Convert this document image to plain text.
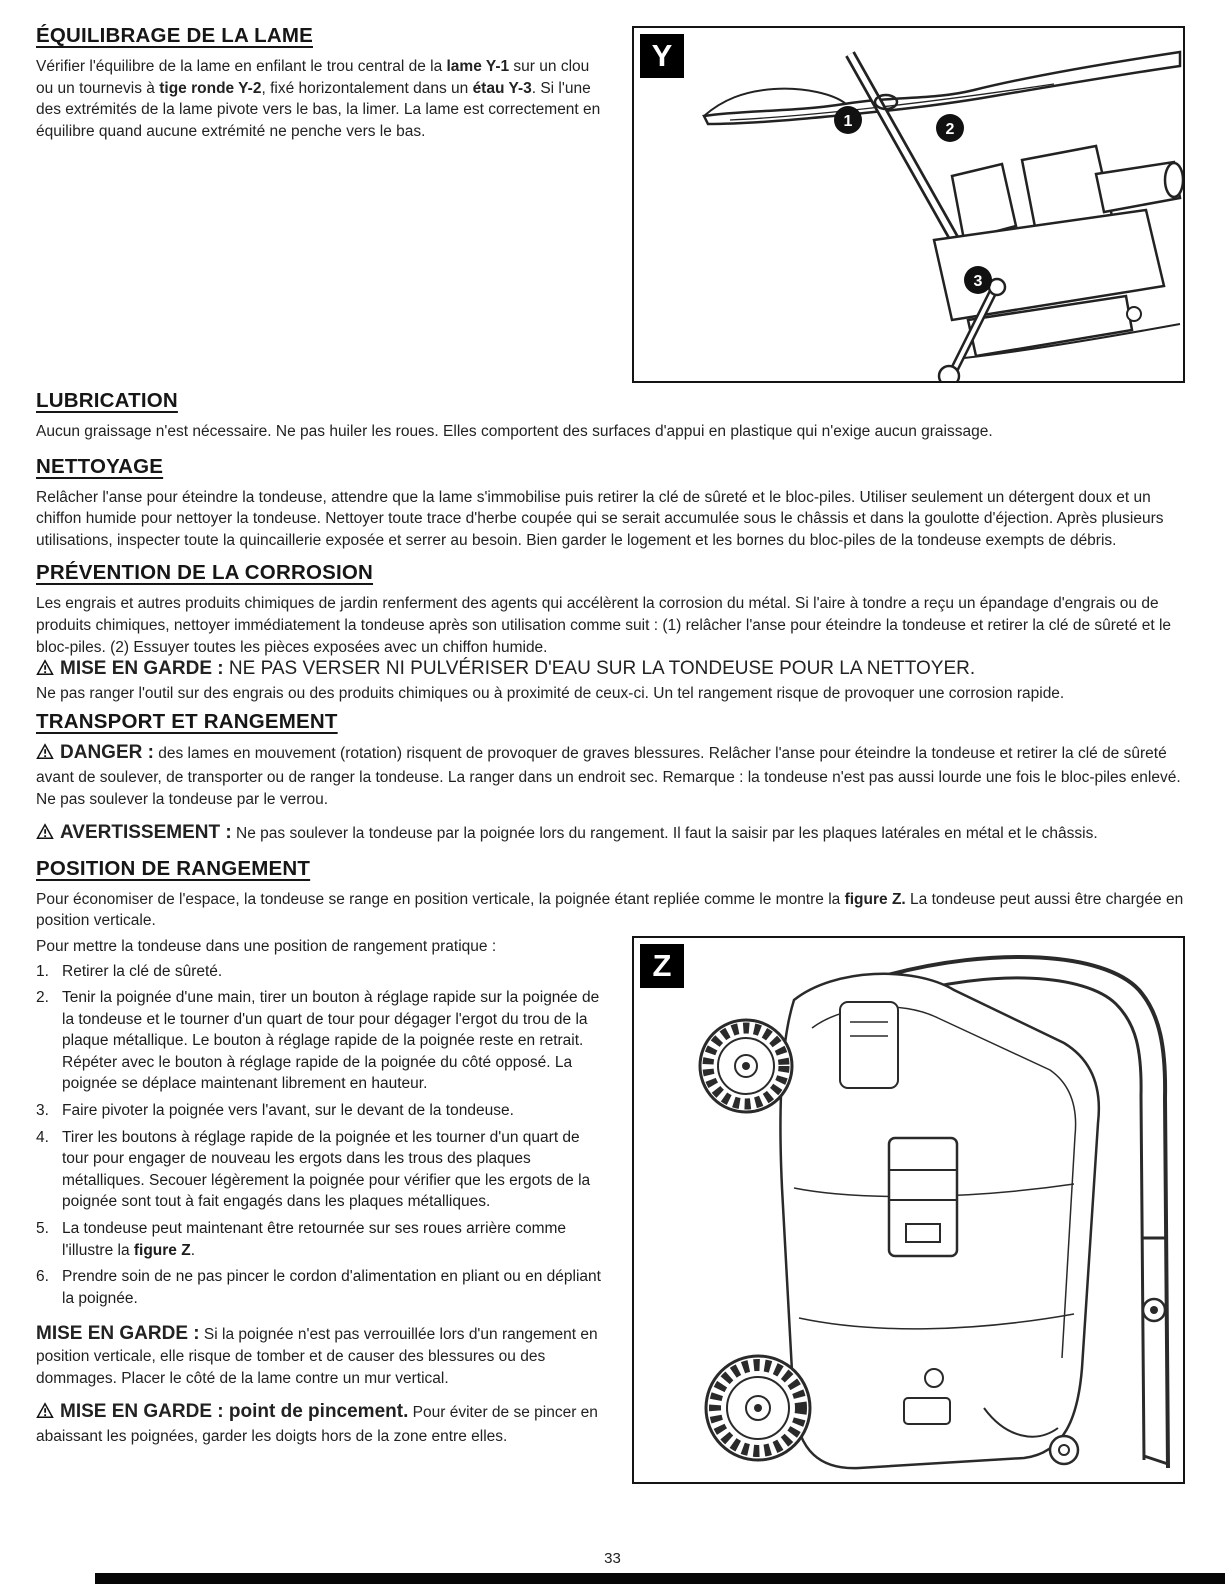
ÉQUILIBRAGE DE LA LAME

Vérifier l'équilibre de la lame en enfilant le trou central de la lame Y-1 sur un clou ou un tournevis à tige ronde Y-2, fixé horizontalement dans un étau Y-3. Si l'une des extrémités de la lame pivote vers le bas, la limer. La lame est correctement en équilibre quand aucune extrémité ne penche vers le bas.

Y
1	2
3
LUBRICATION

Aucun graissage n'est nécessaire. Ne pas huiler les roues. Elles comportent des surfaces d'appui en plastique qui n'exige aucun graissage.

NETTOYAGE

Relâcher l'anse pour éteindre la tondeuse, attendre que la lame s'immobilise puis retirer la clé de sûreté et le bloc-piles. Utiliser seulement un détergent doux et un chiffon humide pour nettoyer la tondeuse. Nettoyer toute trace d'herbe coupée qui se serait accumulée sous le châssis et dans la goulotte d'éjection. Après plusieurs utilisations, inspecter toute la quincaillerie exposée et serrer au besoin. Bien garder le logement et les bornes du bloc-piles de la tondeuse exempts de débris.

PRÉVENTION DE LA CORROSION

Les engrais et autres produits chimiques de jardin renferment des agents qui accélèrent la corrosion du métal. Si l'aire à tondre a reçu un épandage d'engrais ou de produits chimiques, nettoyer immédiatement la tondeuse après son utilisation comme suit : (1) relâcher l'anse pour éteindre la tondeuse et retirer la clé de sûreté et le bloc-piles. (2) Essuyer toutes les pièces exposées avec un chiffon humide.

MISE EN GARDE : NE PAS VERSER NI PULVÉRISER D'EAU SUR LA TONDEUSE POUR LA NETTOYER.

Ne pas ranger l'outil sur des engrais ou des produits chimiques ou à proximité de ceux-ci. Un tel rangement risque de provoquer une corrosion rapide.

TRANSPORT ET RANGEMENT

DANGER : des lames en mouvement (rotation) risquent de provoquer de graves blessures. Relâcher l'anse pour éteindre la tondeuse et retirer la clé de sûreté avant de soulever, de transporter ou de ranger la tondeuse. La ranger dans un endroit sec. Remarque : la tondeuse n'est pas aussi lourde une fois le bloc-piles enlevé. Ne pas soulever la tondeuse par le verrou.

AVERTISSEMENT : Ne pas soulever la tondeuse par la poignée lors du rangement. Il faut la saisir par les plaques latérales en métal et le châssis.

POSITION DE RANGEMENT

Pour économiser de l'espace, la tondeuse se range en position verticale, la poignée étant repliée comme le montre la figure Z. La tondeuse peut aussi être chargée en position verticale.

Pour mettre la tondeuse dans une position de rangement pratique :

1. Retirer la clé de sûreté.
2. Tenir la poignée d'une main, tirer un bouton à réglage rapide sur la poignée de la tondeuse et le tourner d'un quart de tour pour dégager l'ergot du trou de la plaque métallique. Le bouton à réglage rapide de la poignée reste en retrait. Répéter avec le bouton à réglage rapide de la poignée du côté opposé. La poignée se déplace maintenant librement en hauteur.
3. Faire pivoter la poignée vers l'avant, sur le devant de la tondeuse.
4. Tirer les boutons à réglage rapide de la poignée et les tourner d'un quart de tour pour engager de nouveau les ergots dans les trous des plaques métalliques. Secouer légèrement la poignée pour vérifier que les ergots de la poignée sont tout à fait engagés dans les plaques métalliques.
5. La tondeuse peut maintenant être retournée sur ses roues arrière comme l'illustre la figure Z.
6. Prendre soin de ne pas pincer le cordon d'alimentation en pliant ou en dépliant la poignée.

MISE EN GARDE : Si la poignée n'est pas verrouillée lors d'un rangement en position verticale, elle risque de tomber et de causer des blessures ou des dommages. Placer le côté de la lame contre un mur vertical.

MISE EN GARDE : point de pincement. Pour éviter de se pincer en abaissant les poignées, garder les doigts hors de la zone entre elles.

Z
33
